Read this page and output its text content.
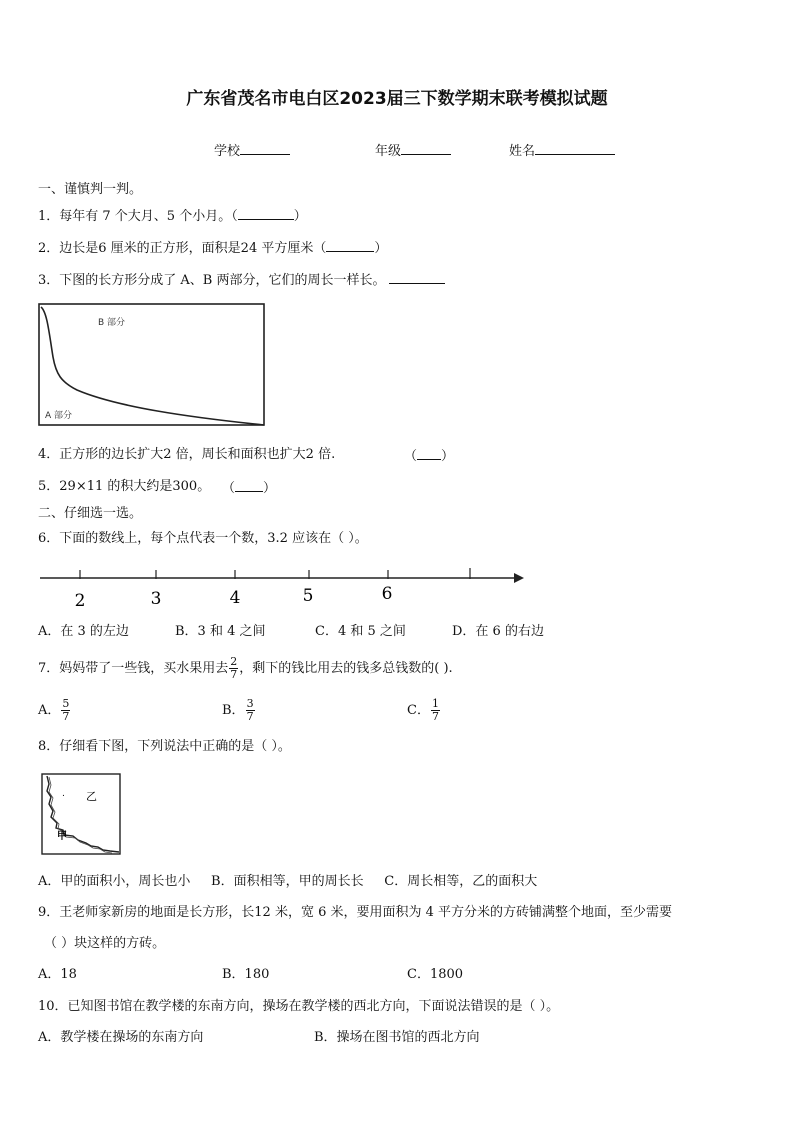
广东省茂名市电白区2023届三下数学期末联考模拟试题
学校	年级	姓名
一、谨慎判一判。
1．每年有 7 个大月、5 个小月。（	）
2．边长是6 厘米的正方形，面积是24 平方厘米（	）
3．下图的长方形分成了 A、B 两部分，它们的周长一样长。
B 部分
A 部分
4．正方形的边长扩大2 倍，周长和面积也扩大2 倍.	（ ）
5．29×11 的积大约是300。 （ ）
二、仔细选一选。
6．下面的数线上，每个点代表一个数，3.2 应该在（ ）。
2	3	4	5	6
A．在 3 的左边	B．3 和 4 之间	C．4 和 5 之间	D．在 6 的右边
7．妈妈带了一些钱，买水果用去 $\frac{2}{7}$ ，剩下的钱比用去的钱多总钱数的( ).
A． $\frac{5}{7}$	B． $\frac{3}{7}$	C． $\frac{1}{7}$
8．仔细看下图，下列说法中正确的是（ ）。
. 乙
甲
A．甲的面积小，周长也小     B．面积相等，甲的周长长     C．周长相等，乙的面积大
9．王老师家新房的地面是长方形，长12 米，宽 6 米，要用面积为 4 平方分米的方砖铺满整个地面，至少需要
（ ）块这样的方砖。
A．18	B．180	C．1800
10．已知图书馆在教学楼的东南方向，操场在教学楼的西北方向，下面说法错误的是（ ）。
A．教学楼在操场的东南方向	B．操场在图书馆的西北方向
